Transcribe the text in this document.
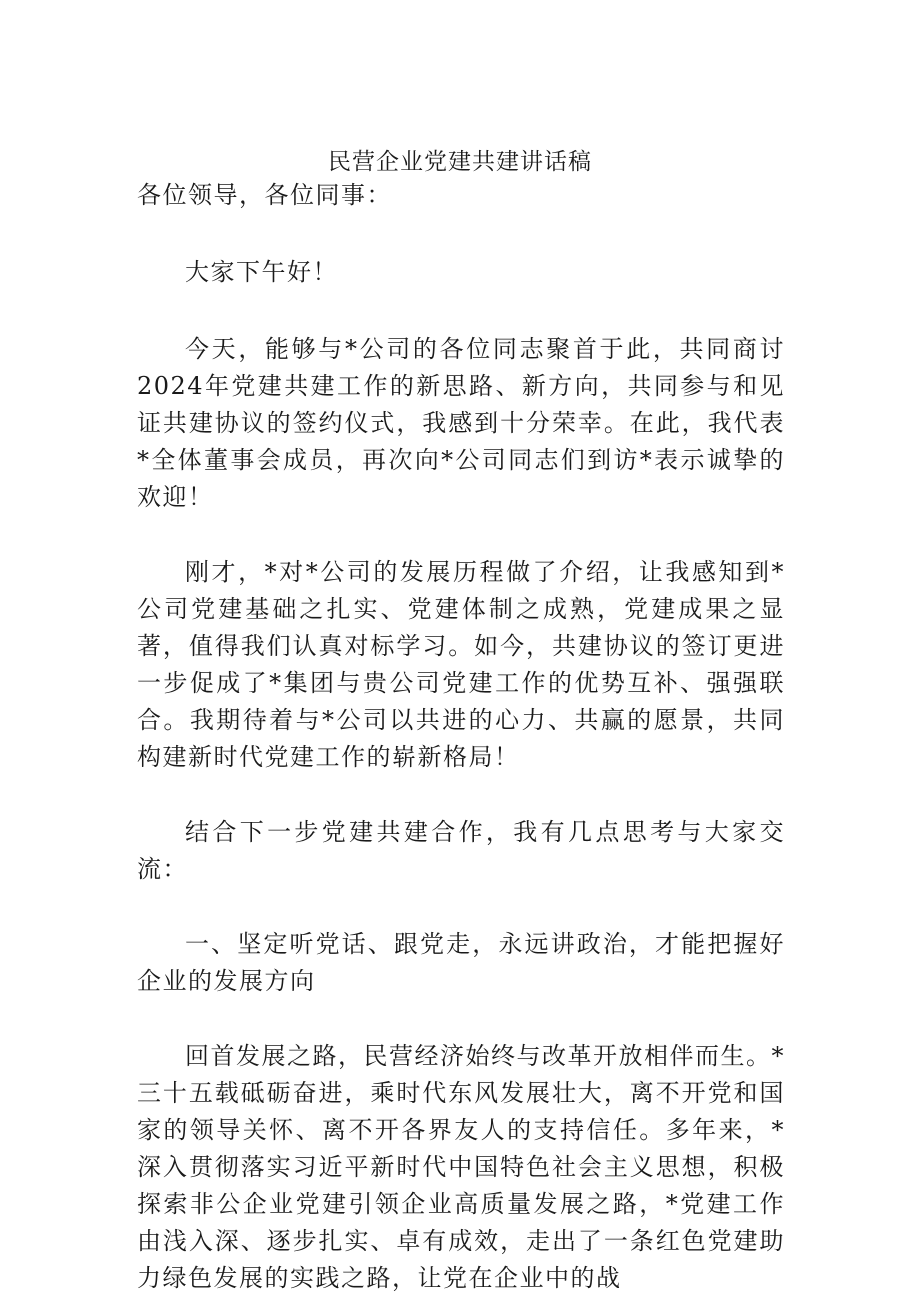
民营企业党建共建讲话稿

各位领导，各位同事：

大家下午好！

今天，能够与*公司的各位同志聚首于此，共同商讨2024年党建共建工作的新思路、新方向，共同参与和见证共建协议的签约仪式，我感到十分荣幸。在此，我代表*全体董事会成员，再次向*公司同志们到访*表示诚挚的欢迎！

刚才，*对*公司的发展历程做了介绍，让我感知到*公司党建基础之扎实、党建体制之成熟，党建成果之显著，值得我们认真对标学习。如今，共建协议的签订更进一步促成了*集团与贵公司党建工作的优势互补、强强联合。我期待着与*公司以共进的心力、共赢的愿景，共同构建新时代党建工作的崭新格局！

结合下一步党建共建合作，我有几点思考与大家交流：

一、坚定听党话、跟党走，永远讲政治，才能把握好企业的发展方向

回首发展之路，民营经济始终与改革开放相伴而生。*三十五载砥砺奋进，乘时代东风发展壮大，离不开党和国家的领导关怀、离不开各界友人的支持信任。多年来，*深入贯彻落实习近平新时代中国特色社会主义思想，积极探索非公企业党建引领企业高质量发展之路，*党建工作由浅入深、逐步扎实、卓有成效，走出了一条红色党建助力绿色发展的实践之路，让党在企业中的战
